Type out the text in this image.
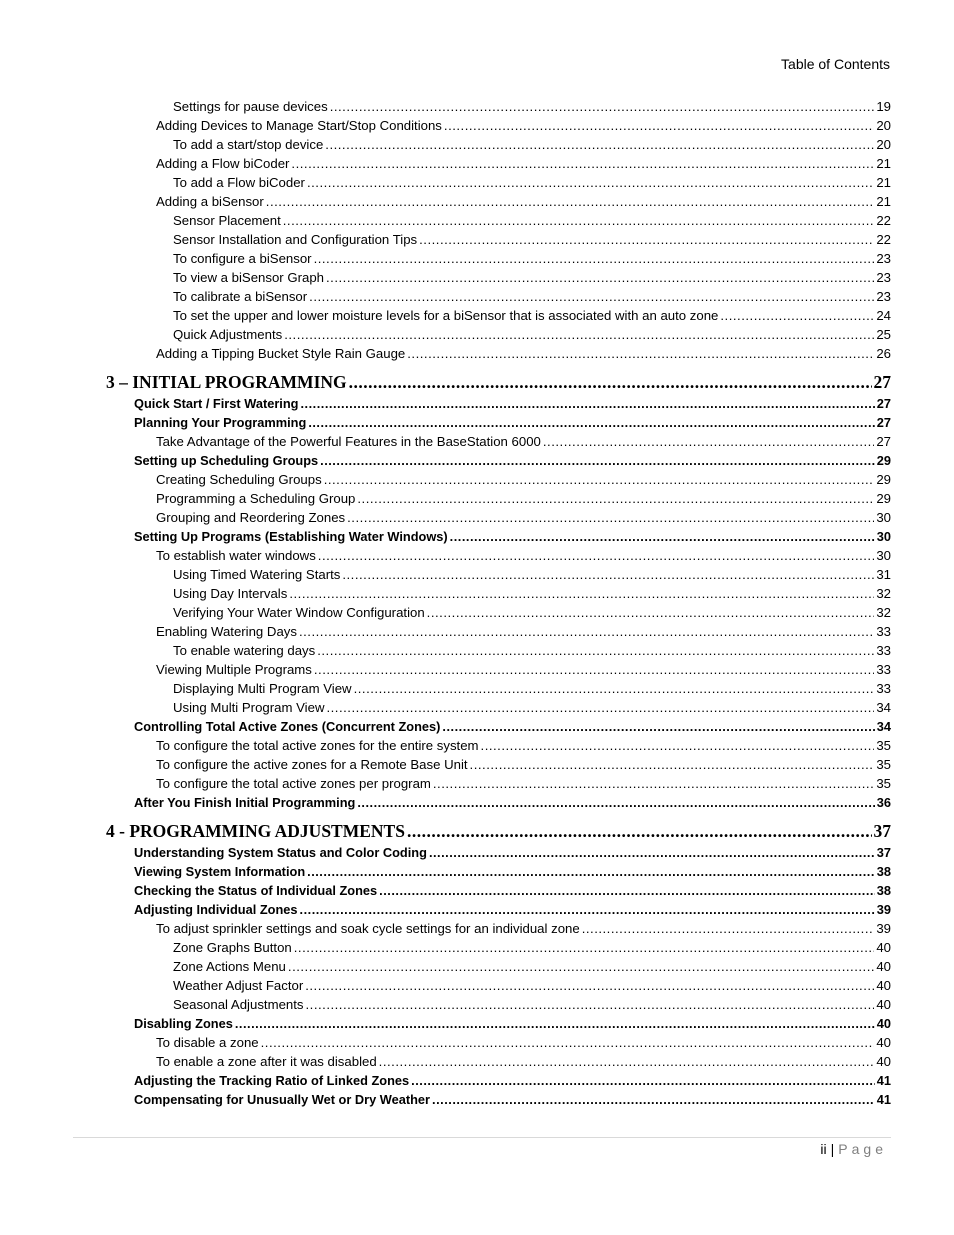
Table of Contents
Settings for pause devices .....	19
Adding Devices to Manage Start/Stop Conditions .....	20
To add a start/stop device .....	20
Adding a Flow biCoder .....	21
To add a Flow biCoder .....	21
Adding a biSensor .....	21
Sensor Placement .....	22
Sensor Installation and Configuration Tips .....	22
To configure a biSensor .....	23
To view a biSensor Graph .....	23
To calibrate a biSensor .....	23
To set the upper and lower moisture levels for a biSensor that is associated with an auto zone .....	24
Quick Adjustments .....	25
Adding a Tipping Bucket Style Rain Gauge .....	26
3 – INITIAL PROGRAMMING .....	27
Quick Start / First Watering .....	27
Planning Your Programming .....	27
Take Advantage of the Powerful Features in the BaseStation 6000 .....	27
Setting up Scheduling Groups .....	29
Creating Scheduling Groups .....	29
Programming a Scheduling Group .....	29
Grouping and Reordering Zones .....	30
Setting Up Programs (Establishing Water Windows) .....	30
To establish water windows .....	30
Using Timed Watering Starts .....	31
Using Day Intervals .....	32
Verifying Your Water Window Configuration .....	32
Enabling Watering Days .....	33
To enable watering days .....	33
Viewing Multiple Programs .....	33
Displaying Multi Program View .....	33
Using Multi Program View .....	34
Controlling Total Active Zones (Concurrent Zones) .....	34
To configure the total active zones for the entire system .....	35
To configure the active zones for a Remote Base Unit .....	35
To configure the total active zones per program .....	35
After You Finish Initial Programming .....	36
4 - PROGRAMMING ADJUSTMENTS .....	37
Understanding System Status and Color Coding .....	37
Viewing System Information .....	38
Checking the Status of Individual Zones .....	38
Adjusting Individual Zones .....	39
To adjust sprinkler settings and soak cycle settings for an individual zone .....	39
Zone Graphs Button .....	40
Zone Actions Menu .....	40
Weather Adjust Factor .....	40
Seasonal Adjustments .....	40
Disabling Zones .....	40
To disable a zone .....	40
To enable a zone after it was disabled .....	40
Adjusting the Tracking Ratio of Linked Zones .....	41
Compensating for Unusually Wet or Dry Weather .....	41
ii | Page
